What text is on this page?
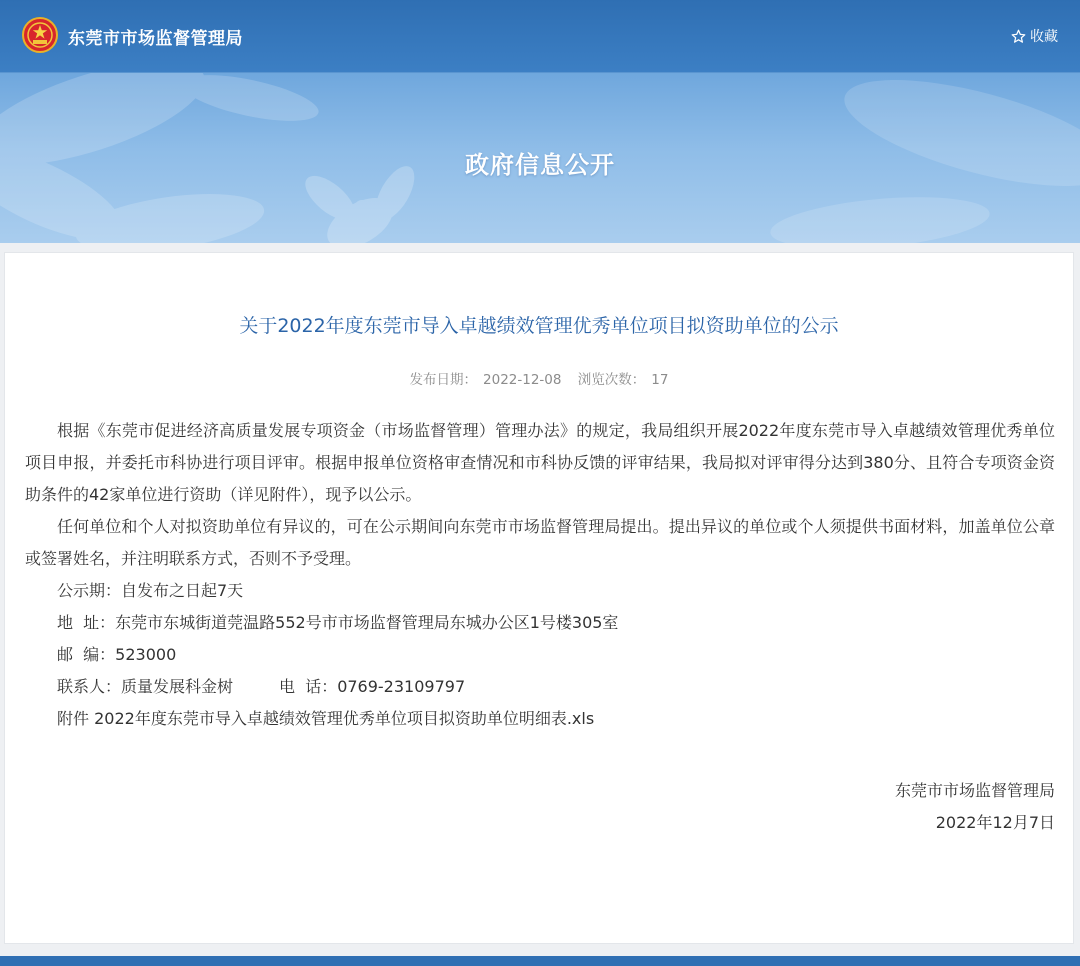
东莞市市场监督管理局	收藏
政府信息公开
关于2022年度东莞市导入卓越绩效管理优秀单位项目拟资助单位的公示
发布日期： 2022-12-08 浏览次数： 17

根据《东莞市促进经济高质量发展专项资金（市场监督管理）管理办法》的规定，我局组织开展2022年度东莞市导入卓越绩效管理优秀单位项目申报，并委托市科协进行项目评审。根据申报单位资格审查情况和市科协反馈的评审结果，我局拟对评审得分达到380分、且符合专项资金资助条件的42家单位进行资助（详见附件），现予以公示。

任何单位和个人对拟资助单位有异议的，可在公示期间向东莞市市场监督管理局提出。提出异议的单位或个人须提供书面材料，加盖单位公章或签署姓名，并注明联系方式，否则不予受理。

公示期：自发布之日起7天
地  址：东莞市东城街道莞温路552号市市场监督管理局东城办公区1号楼305室
邮  编：523000
联系人：质量发展科金树	电  话：0769-23109797
附件 2022年度东莞市导入卓越绩效管理优秀单位项目拟资助单位明细表.xls
东莞市市场监督管理局
2022年12月7日
